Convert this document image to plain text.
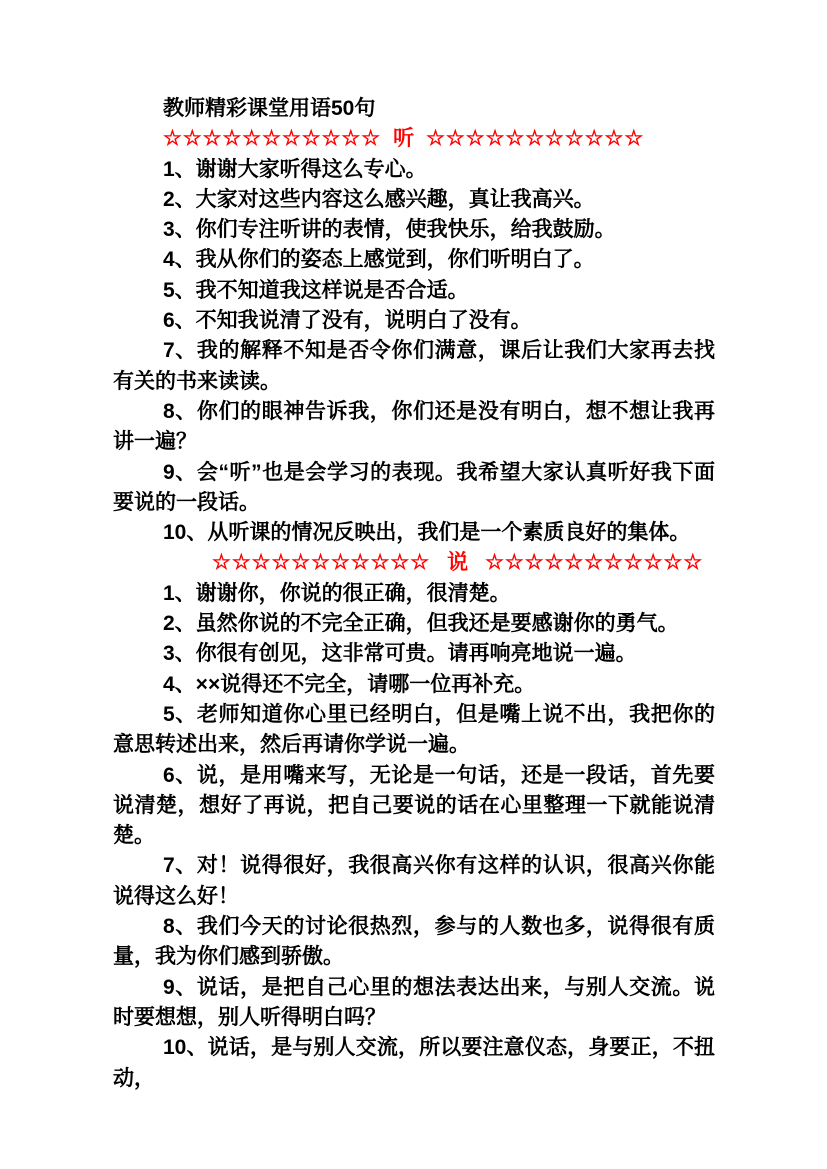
教师精彩课堂用语50句

☆☆☆☆☆☆☆☆☆☆☆ 听 ☆☆☆☆☆☆☆☆☆☆☆

1、谢谢大家听得这么专心。

2、大家对这些内容这么感兴趣，真让我高兴。

3、你们专注听讲的表情，使我快乐，给我鼓励。

4、我从你们的姿态上感觉到，你们听明白了。

5、我不知道我这样说是否合适。

6、不知我说清了没有，说明白了没有。

7、我的解释不知是否令你们满意，课后让我们大家再去找有关的书来读读。

8、你们的眼神告诉我，你们还是没有明白，想不想让我再讲一遍？

9、会“听”也是会学习的表现。我希望大家认真听好我下面要说的一段话。

10、从听课的情况反映出，我们是一个素质良好的集体。

☆☆☆☆☆☆☆☆☆☆☆ 说 ☆☆☆☆☆☆☆☆☆☆☆

1、谢谢你，你说的很正确，很清楚。

2、虽然你说的不完全正确，但我还是要感谢你的勇气。

3、你很有创见，这非常可贵。请再响亮地说一遍。

4、××说得还不完全，请哪一位再补充。

5、老师知道你心里已经明白，但是嘴上说不出，我把你的意思转述出来，然后再请你学说一遍。

6、说，是用嘴来写，无论是一句话，还是一段话，首先要说清楚，想好了再说，把自己要说的话在心里整理一下就能说清楚。

7、对！说得很好，我很高兴你有这样的认识，很高兴你能说得这么好！

8、我们今天的讨论很热烈，参与的人数也多，说得很有质量，我为你们感到骄傲。

9、说话，是把自己心里的想法表达出来，与别人交流。说时要想想，别人听得明白吗？

10、说话，是与别人交流，所以要注意仪态，身要正，不扭动，
